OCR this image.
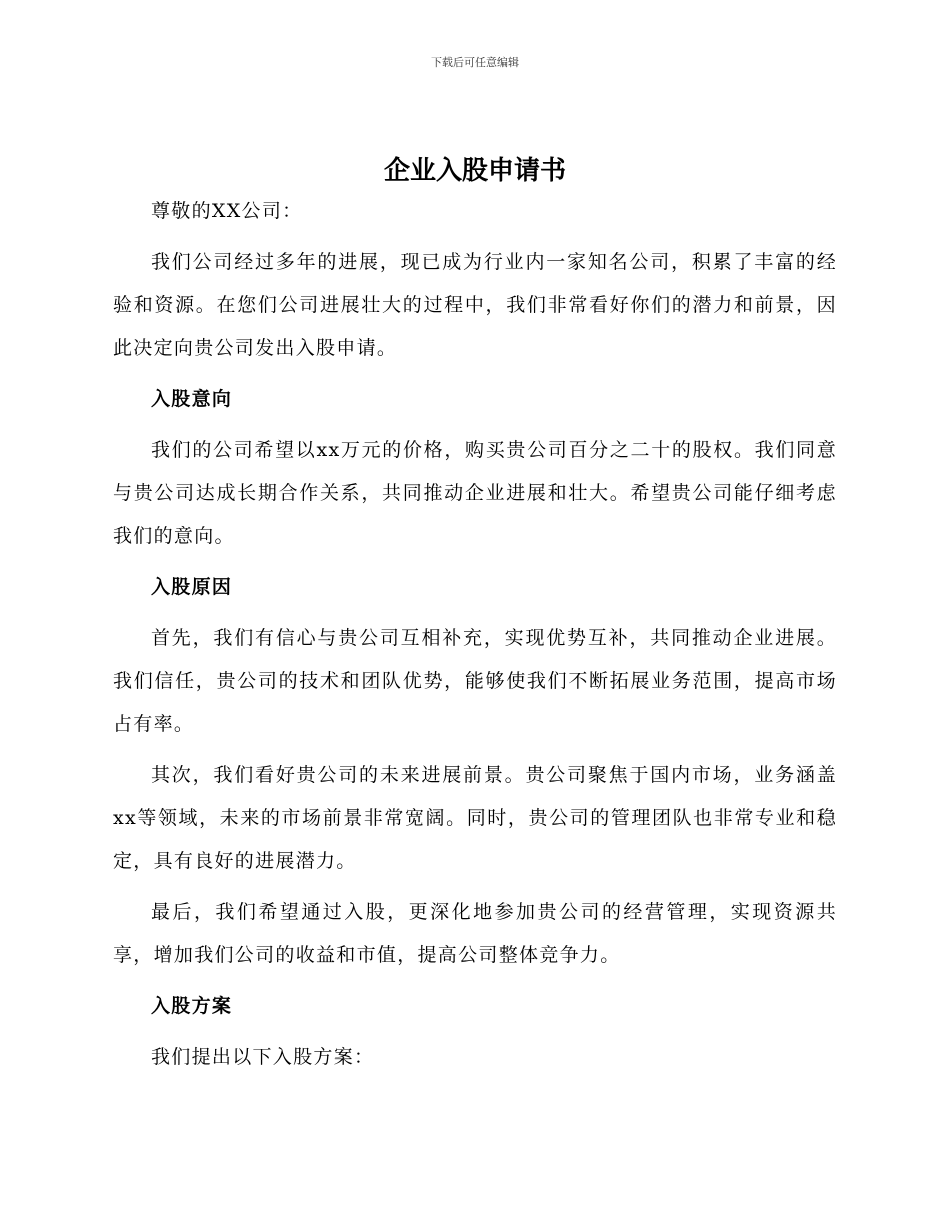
下载后可任意编辑
企业入股申请书

尊敬的XX公司：

我们公司经过多年的进展，现已成为行业内一家知名公司，积累了丰富的经验和资源。在您们公司进展壮大的过程中，我们非常看好你们的潜力和前景，因此决定向贵公司发出入股申请。

入股意向

我们的公司希望以xx万元的价格，购买贵公司百分之二十的股权。我们同意与贵公司达成长期合作关系，共同推动企业进展和壮大。希望贵公司能仔细考虑我们的意向。

入股原因

首先，我们有信心与贵公司互相补充，实现优势互补，共同推动企业进展。我们信任，贵公司的技术和团队优势，能够使我们不断拓展业务范围，提高市场占有率。

其次，我们看好贵公司的未来进展前景。贵公司聚焦于国内市场，业务涵盖xx等领域，未来的市场前景非常宽阔。同时，贵公司的管理团队也非常专业和稳定，具有良好的进展潜力。

最后，我们希望通过入股，更深化地参加贵公司的经营管理，实现资源共享，增加我们公司的收益和市值，提高公司整体竞争力。

入股方案

我们提出以下入股方案：
